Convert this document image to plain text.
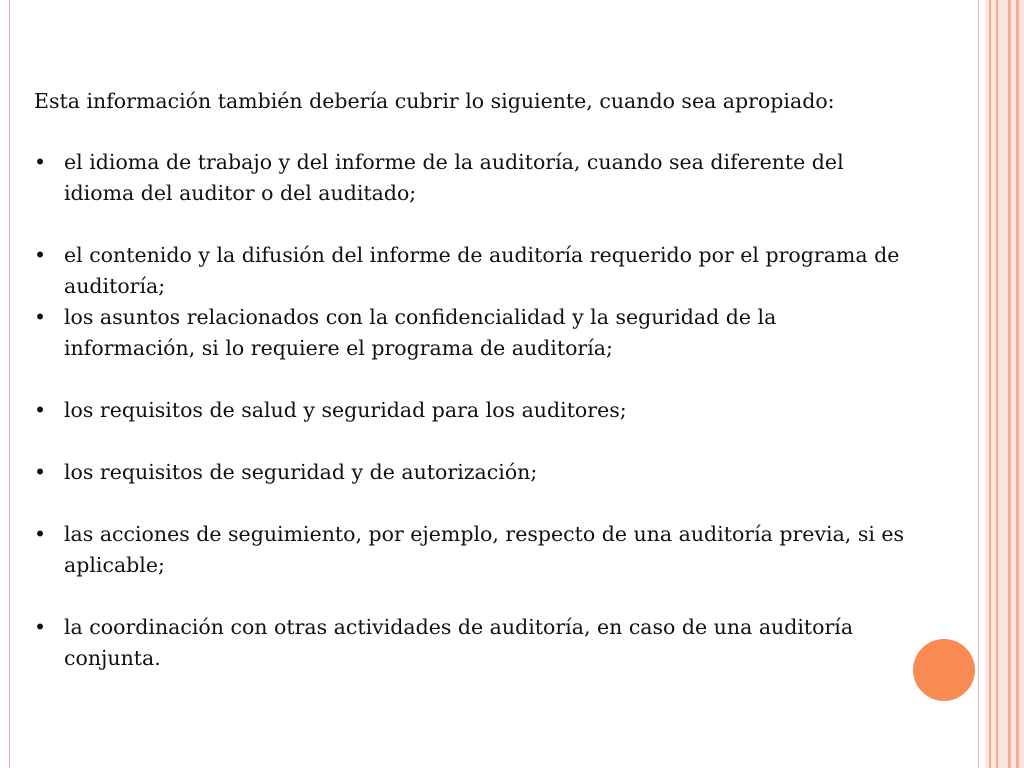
Esta información también debería cubrir lo siguiente, cuando sea apropiado:

• el idioma de trabajo y del informe de la auditoría, cuando sea diferente del idioma del auditor o del auditado;
• el contenido y la difusión del informe de auditoría requerido por el programa de auditoría;
• los asuntos relacionados con la confidencialidad y la seguridad de la información, si lo requiere el programa de auditoría;
• los requisitos de salud y seguridad para los auditores;
• los requisitos de seguridad y de autorización;
• las acciones de seguimiento, por ejemplo, respecto de una auditoría previa, si es aplicable;
• la coordinación con otras actividades de auditoría, en caso de una auditoría conjunta.
